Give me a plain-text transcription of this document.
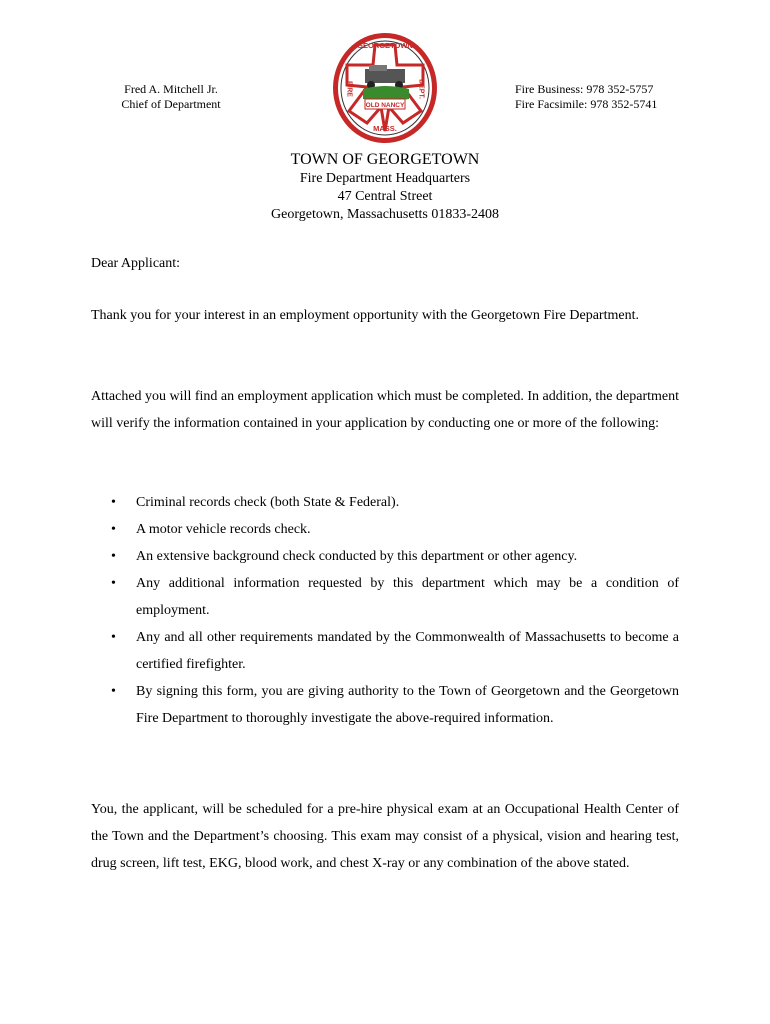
Fred A. Mitchell Jr.
Chief of Department	OLD NANCY
GEORGETOWN
FIRE	DEPT.
MASS.
Fire Business: 978 352-5757
Fire Facsimile: 978 352-5741
TOWN OF GEORGETOWN
Fire Department Headquarters
47 Central Street
Georgetown, Massachusetts 01833-2408
Dear Applicant:
Thank you for your interest in an employment opportunity with the Georgetown Fire Department.
Attached you will find an employment application which must be completed. In addition, the department will verify the information contained in your application by conducting one or more of the following:
• Criminal records check (both State & Federal).
• A motor vehicle records check.
• An extensive background check conducted by this department or other agency.
• Any additional information requested by this department which may be a condition of employment.
• Any and all other requirements mandated by the Commonwealth of Massachusetts to become a certified firefighter.
• By signing this form, you are giving authority to the Town of Georgetown and the Georgetown Fire Department to thoroughly investigate the above-required information.
You, the applicant, will be scheduled for a pre-hire physical exam at an Occupational Health Center of the Town and the Department’s choosing. This exam may consist of a physical, vision and hearing test, drug screen, lift test, EKG, blood work, and chest X-ray or any combination of the above stated.
